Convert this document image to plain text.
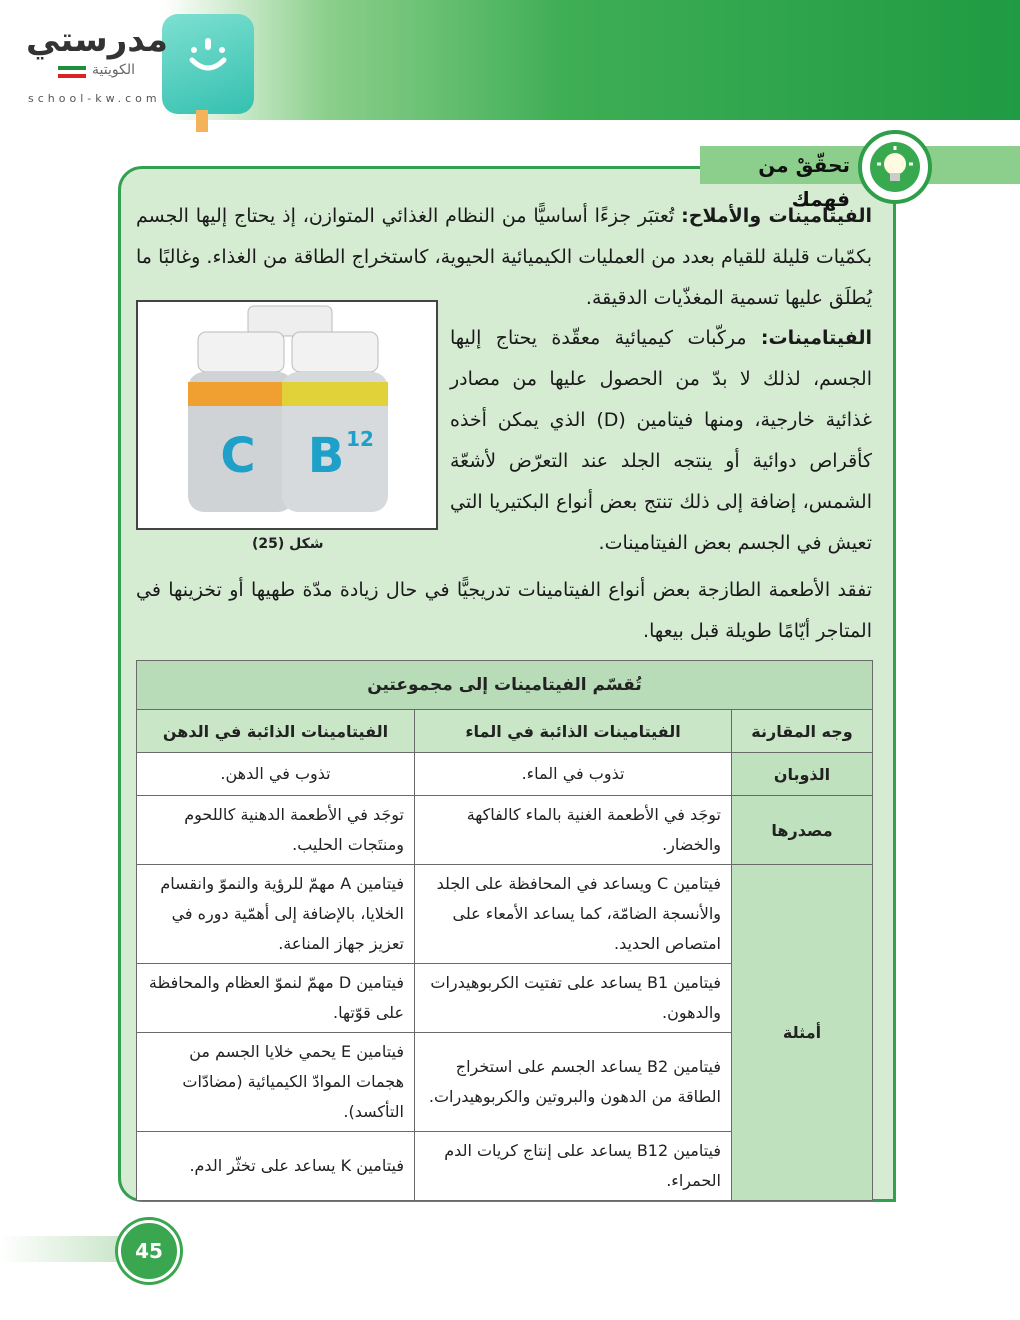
مدرستي
الكويتية
school-kw.com
تحقّقْ من فهمك
الفيتامينات والأملاح: تُعتبَر جزءًا أساسيًّا من النظام الغذائي المتوازن، إذ يحتاج إليها الجسم بكمّيات قليلة للقيام بعدد من العمليات الكيميائية الحيوية، كاستخراج الطاقة من الغذاء. وغالبًا ما يُطلَق عليها تسمية المغذّيات الدقيقة.
الفيتامينات: مركّبات كيميائية معقّدة يحتاج إليها الجسم، لذلك لا بدّ من الحصول عليها من مصادر غذائية خارجية، ومنها فيتامين (D) الذي يمكن أخذه كأقراص دوائية أو ينتجه الجلد عند التعرّض لأشعّة الشمس، إضافة إلى ذلك تنتج بعض أنواع البكتيريا التي تعيش في الجسم بعض الفيتامينات.
C B 12
شكل (25)
تفقد الأطعمة الطازجة بعض أنواع الفيتامينات تدريجيًّا في حال زيادة مدّة طهيها أو تخزينها في المتاجر أيّامًا طويلة قبل بيعها.
تُقسّم الفيتامينات إلى مجموعتين		
وجه المقارنة	الفيتامينات الذائبة في الماء	الفيتامينات الذائبة في الدهن
الذوبان	تذوب في الماء.	تذوب في الدهن.
مصدرها	توجَد في الأطعمة الغنية بالماء كالفاكهة والخضار.	توجَد في الأطعمة الدهنية كاللحوم ومنتَجات الحليب.
أمثلة	فيتامين C ويساعد في المحافظة على الجلد والأنسجة الضامّة، كما يساعد الأمعاء على امتصاص الحديد.	فيتامين A مهمّ للرؤية والنموّ وانقسام الخلايا، بالإضافة إلى أهمّية دوره في تعزيز جهاز المناعة.
	فيتامين B1 يساعد على تفتيت الكربوهيدرات والدهون.	فيتامين D مهمّ لنموّ العظام والمحافظة على قوّتها.
	فيتامين B2 يساعد الجسم على استخراج الطاقة من الدهون والبروتين والكربوهيدرات.	فيتامين E يحمي خلايا الجسم من هجمات الموادّ الكيميائية (مضادّات التأكسد).
	فيتامين B12 يساعد على إنتاج كريات الدم الحمراء.	فيتامين K يساعد على تخثّر الدم.
45
